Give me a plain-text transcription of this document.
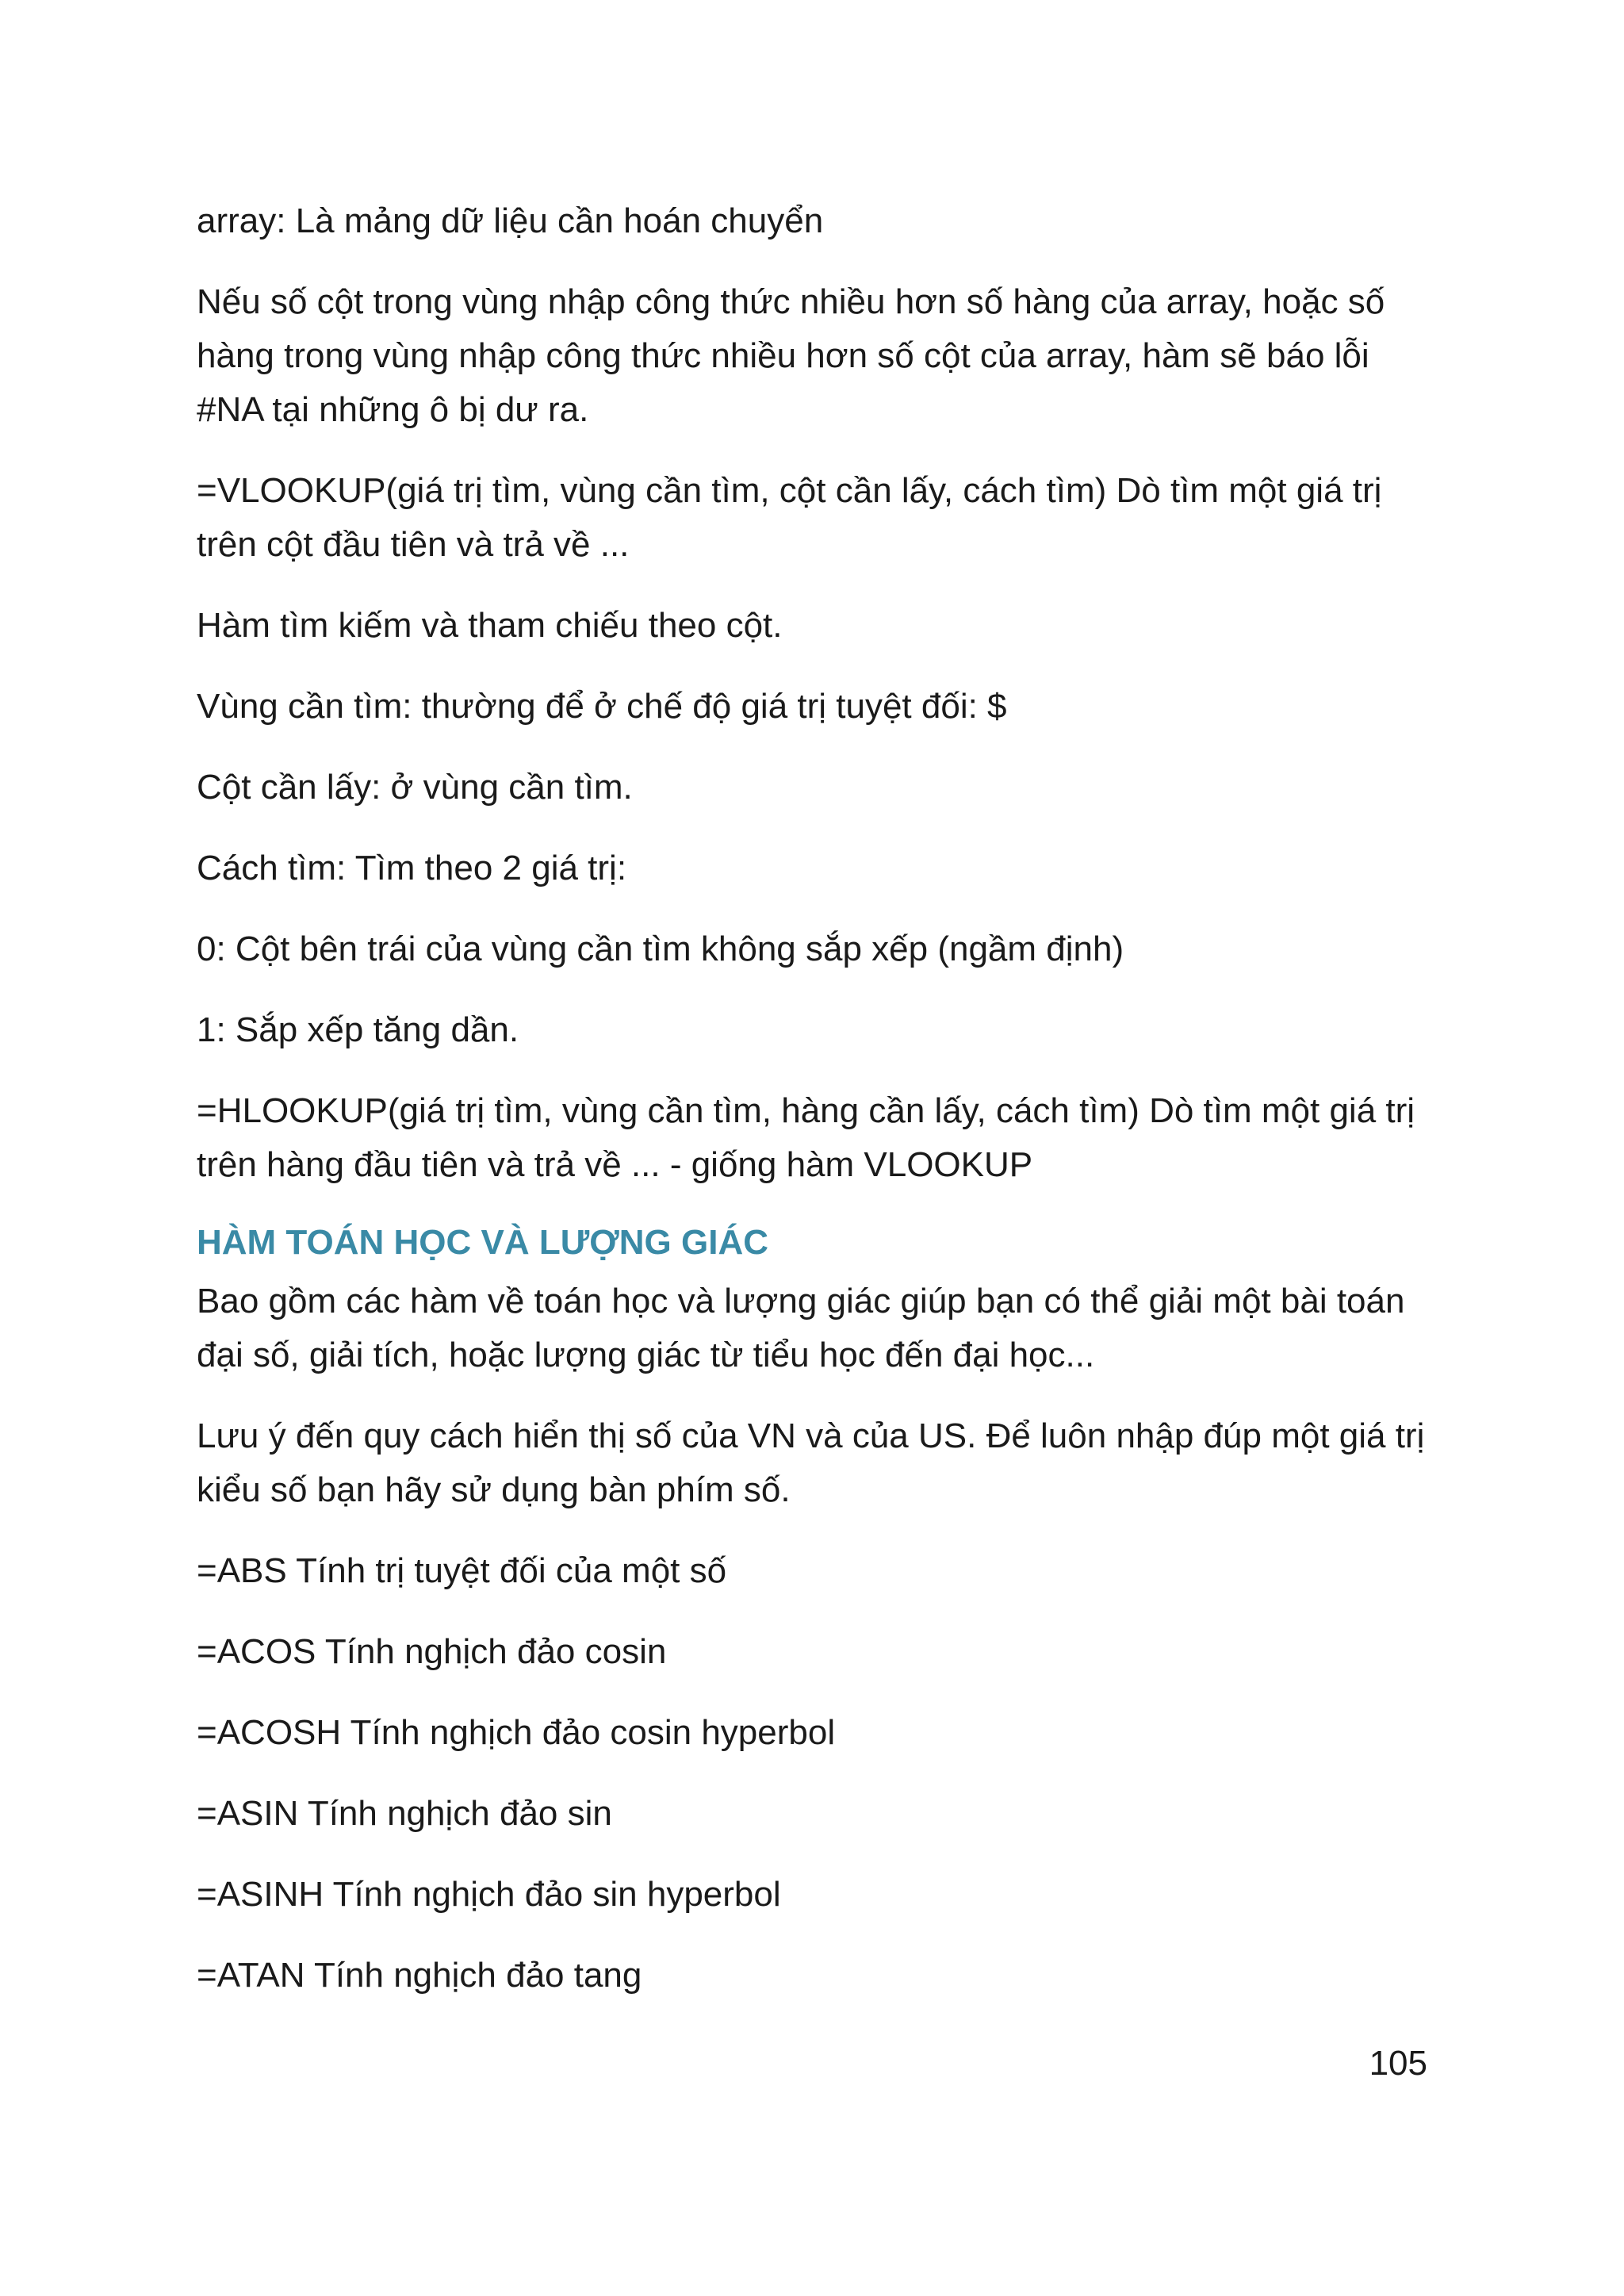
array: Là mảng dữ liệu cần hoán chuyển

Nếu số cột trong vùng nhập công thức nhiều hơn số hàng của array, hoặc số hàng trong vùng nhập công thức nhiều hơn số cột của array, hàm sẽ báo lỗi #NA tại những ô bị dư ra.

=VLOOKUP(giá trị tìm, vùng cần tìm, cột cần lấy, cách tìm) Dò tìm một giá trị trên cột đầu tiên và trả về ...

Hàm tìm kiếm và tham chiếu theo cột.

Vùng cần tìm: thường để ở chế độ giá trị tuyệt đối: $

Cột cần lấy: ở vùng cần tìm.

Cách tìm: Tìm theo 2 giá trị:

0: Cột bên trái của vùng cần tìm không sắp xếp (ngầm định)

1: Sắp xếp tăng dần.

=HLOOKUP(giá trị tìm, vùng cần tìm, hàng cần lấy, cách tìm) Dò tìm một giá trị trên hàng đầu tiên và trả về ... - giống hàm VLOOKUP

HÀM TOÁN HỌC VÀ LƯỢNG GIÁC

Bao gồm các hàm về toán học và lượng giác giúp bạn có thể giải một bài toán đại số, giải tích, hoặc lượng giác từ tiểu học đến đại học...

Lưu ý đến quy cách hiển thị số của VN và của US. Để luôn nhập đúp một giá trị kiểu số bạn hãy sử dụng bàn phím số.

=ABS Tính trị tuyệt đối của một số

=ACOS Tính nghịch đảo cosin

=ACOSH Tính nghịch đảo cosin hyperbol

=ASIN Tính nghịch đảo sin

=ASINH Tính nghịch đảo sin hyperbol

=ATAN Tính nghịch đảo tang

105
